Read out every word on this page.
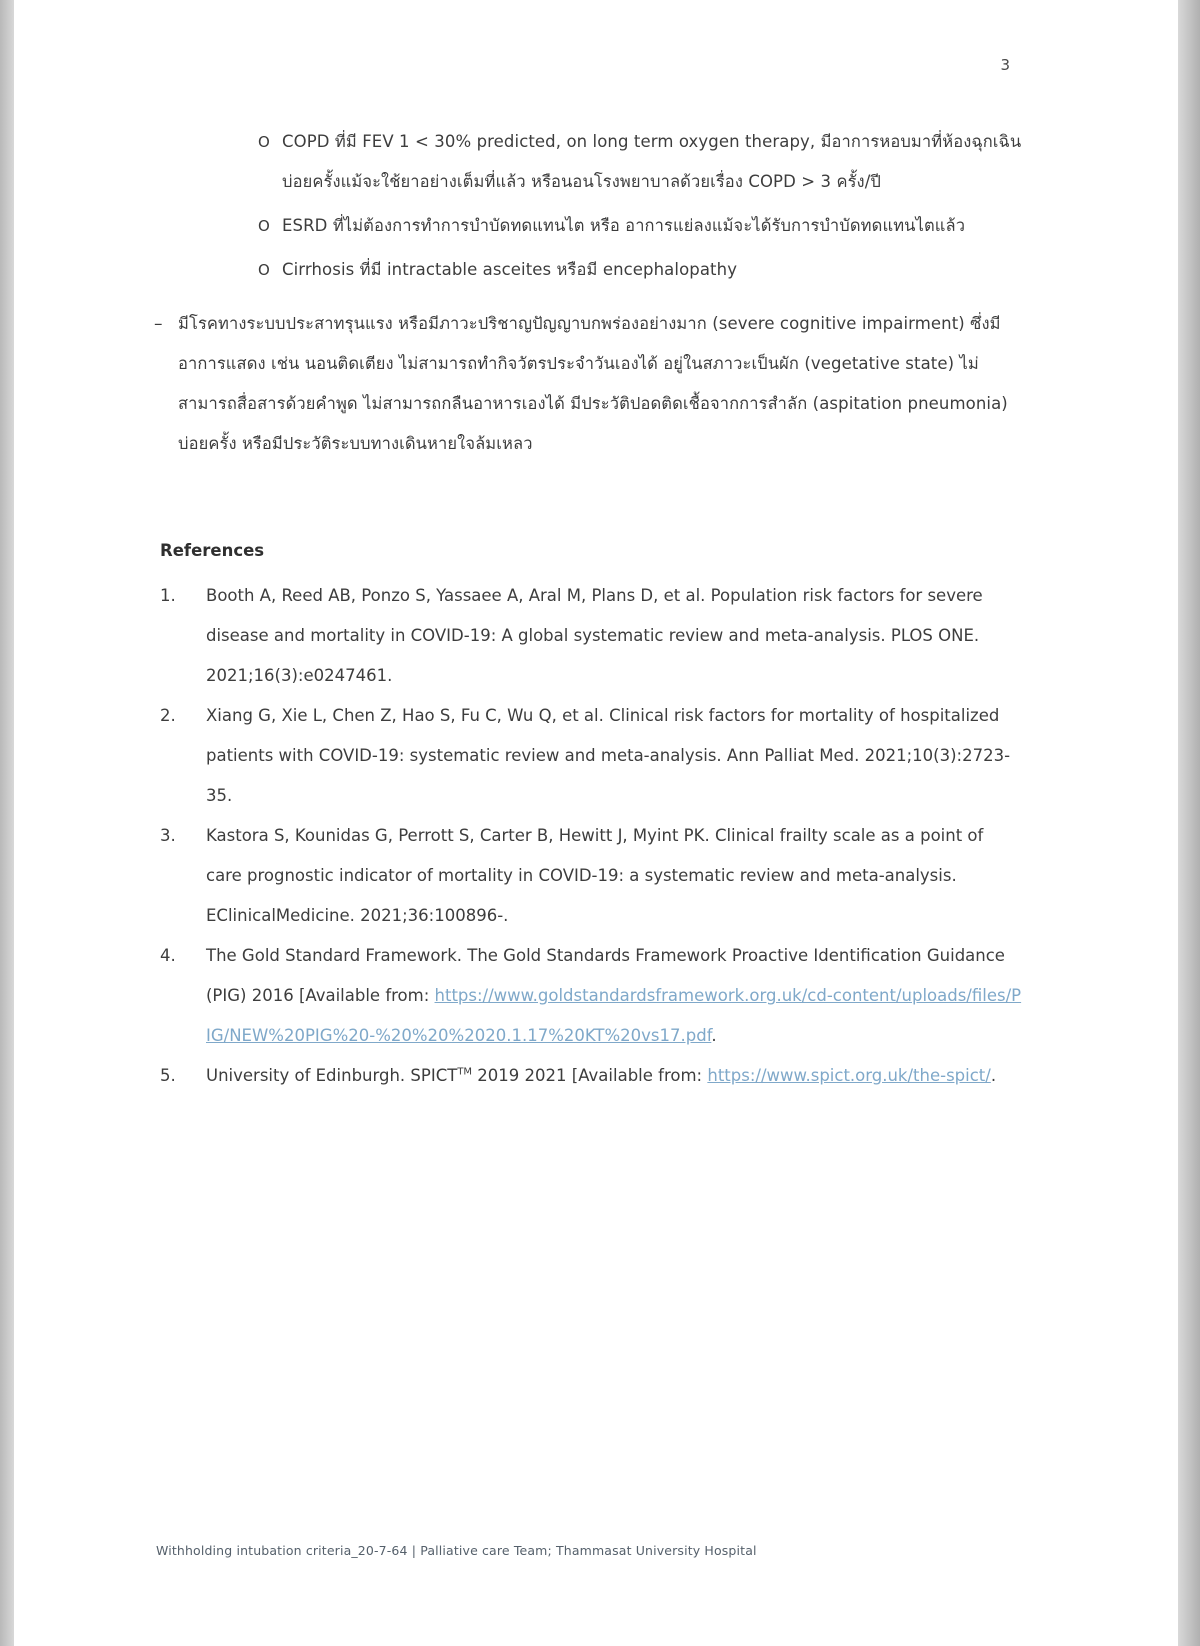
3
O COPD ที่มี FEV 1 < 30% predicted, on long term oxygen therapy, มีอาการหอบมาที่ห้องฉุกเฉินบ่อยครั้งแม้จะใช้ยาอย่างเต็มที่แล้ว หรือนอนโรงพยาบาลด้วยเรื่อง COPD > 3 ครั้ง/ปี
O ESRD ที่ไม่ต้องการทำการบำบัดทดแทนไต หรือ อาการแย่ลงแม้จะได้รับการบำบัดทดแทนไตแล้ว
O Cirrhosis ที่มี intractable asceites หรือมี encephalopathy
– มีโรคทางระบบประสาทรุนแรง หรือมีภาวะปริชาญปัญญาบกพร่องอย่างมาก (severe cognitive impairment) ซึ่งมีอาการแสดง เช่น นอนติดเตียง ไม่สามารถทำกิจวัตรประจำวันเองได้ อยู่ในสภาวะเป็นผัก (vegetative state) ไม่สามารถสื่อสารด้วยคำพูด ไม่สามารถกลืนอาหารเองได้ มีประวัติปอดติดเชื้อจากการสำลัก (aspitation pneumonia) บ่อยครั้ง หรือมีประวัติระบบทางเดินหายใจล้มเหลว
References
1.	Booth A, Reed AB, Ponzo S, Yassaee A, Aral M, Plans D, et al. Population risk factors for severe disease and mortality in COVID-19: A global systematic review and meta-analysis. PLOS ONE. 2021;16(3):e0247461.
2.	Xiang G, Xie L, Chen Z, Hao S, Fu C, Wu Q, et al. Clinical risk factors for mortality of hospitalized patients with COVID-19: systematic review and meta-analysis. Ann Palliat Med. 2021;10(3):2723-35.
3.	Kastora S, Kounidas G, Perrott S, Carter B, Hewitt J, Myint PK. Clinical frailty scale as a point of care prognostic indicator of mortality in COVID-19: a systematic review and meta-analysis. EClinicalMedicine. 2021;36:100896-.
4.	The Gold Standard Framework. The Gold Standards Framework Proactive Identification Guidance (PIG) 2016 [Available from: https://www.goldstandardsframework.org.uk/cd-content/uploads/files/PIG/NEW%20PIG%20-%20%20%2020.1.17%20KT%20vs17.pdf.
5.	University of Edinburgh. SPICT™ 2019 2021 [Available from: https://www.spict.org.uk/the-spict/.
Withholding intubation criteria_20-7-64 | Palliative care Team; Thammasat University Hospital
